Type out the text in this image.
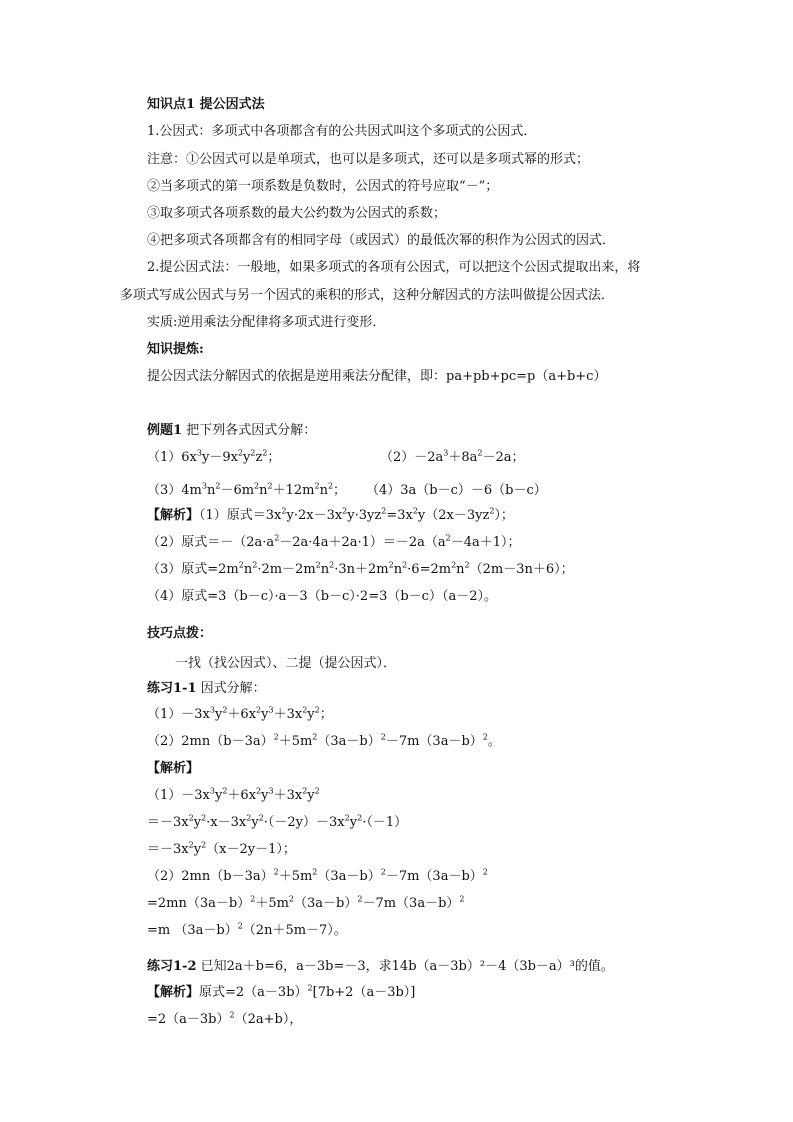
知识点1 提公因式法
1.公因式：多项式中各项都含有的公共因式叫这个多项式的公因式．
注意：①公因式可以是单项式，也可以是多项式，还可以是多项式幂的形式；
②当多项式的第一项系数是负数时，公因式的符号应取“－”；
③取多项式各项系数的最大公约数为公因式的系数；
④把多项式各项都含有的相同字母（或因式）的最低次幂的积作为公因式的因式．
2.提公因式法：一般地，如果多项式的各项有公因式，可以把这个公因式提取出来，将
多项式写成公因式与另一个因式的乘积的形式，这种分解因式的方法叫做提公因式法．
实质:逆用乘法分配律将多项式进行变形．
知识提炼:
提公因式法分解因式的依据是逆用乘法分配律，即：pa+pb+pc=p（a+b+c）
例题1 把下列各式因式分解：
$(1)6x^3y-9x^2y^2z^2$；	$(2)-2a^3+8a^2-2a$；
$(3)4m^3n^2-6m^2n^2+12m^2n^2$； （4）3a（b－c）－6（b－c）
【解析】（1）原式$=3x^2y\cdot 2x-3x^2y\cdot 3yz^2=3x^2y(2x-3yz^2)$；
（2）原式$=-(2a\cdot a^2-2a\cdot 4a+2a\cdot 1)=-2a(a^2-4a+1)$；
（3）原式$=2m^2n^2\cdot 2m-2m^2n^2\cdot 3n+2m^2n^2\cdot 6=2m^2n^2(2m-3n+6)$；
（4）原式=3（b－c）·a－3（b－c）·2=3（b－c）（a－2）。
技巧点拨：
一找（找公因式）、二提（提公因式）．
练习1-1 因式分解：
$(1)-3x^3y^2+6x^2y^3+3x^2y^2$；
$(2)2mn(b-3a)^2+5m^2(3a-b)^2-7m(3a-b)^2$。
【解析】
$(1)-3x^3y^2+6x^2y^3+3x^2y^2$
$=-3x^2y^2\cdot x-3x^2y^2\cdot(-2y)-3x^2y^2\cdot(-1)$
$=-3x^2y^2(x-2y-1)$；
$(2)2mn(b-3a)^2+5m^2(3a-b)^2-7m(3a-b)^2$
$=2mn(3a-b)^2+5m^2(3a-b)^2-7m(3a-b)^2$
=m $(3a-b)^2(2n+5m-7)$。
练习1-2 已知2a＋b=6，a－3b=－3，求14b（a－3b）²－4（3b－a）³的值。
【解析】原式$=2(a-3b)^2[7b+2(a-3b)]$
$=2(a-3b)^2(2a+b)$，
